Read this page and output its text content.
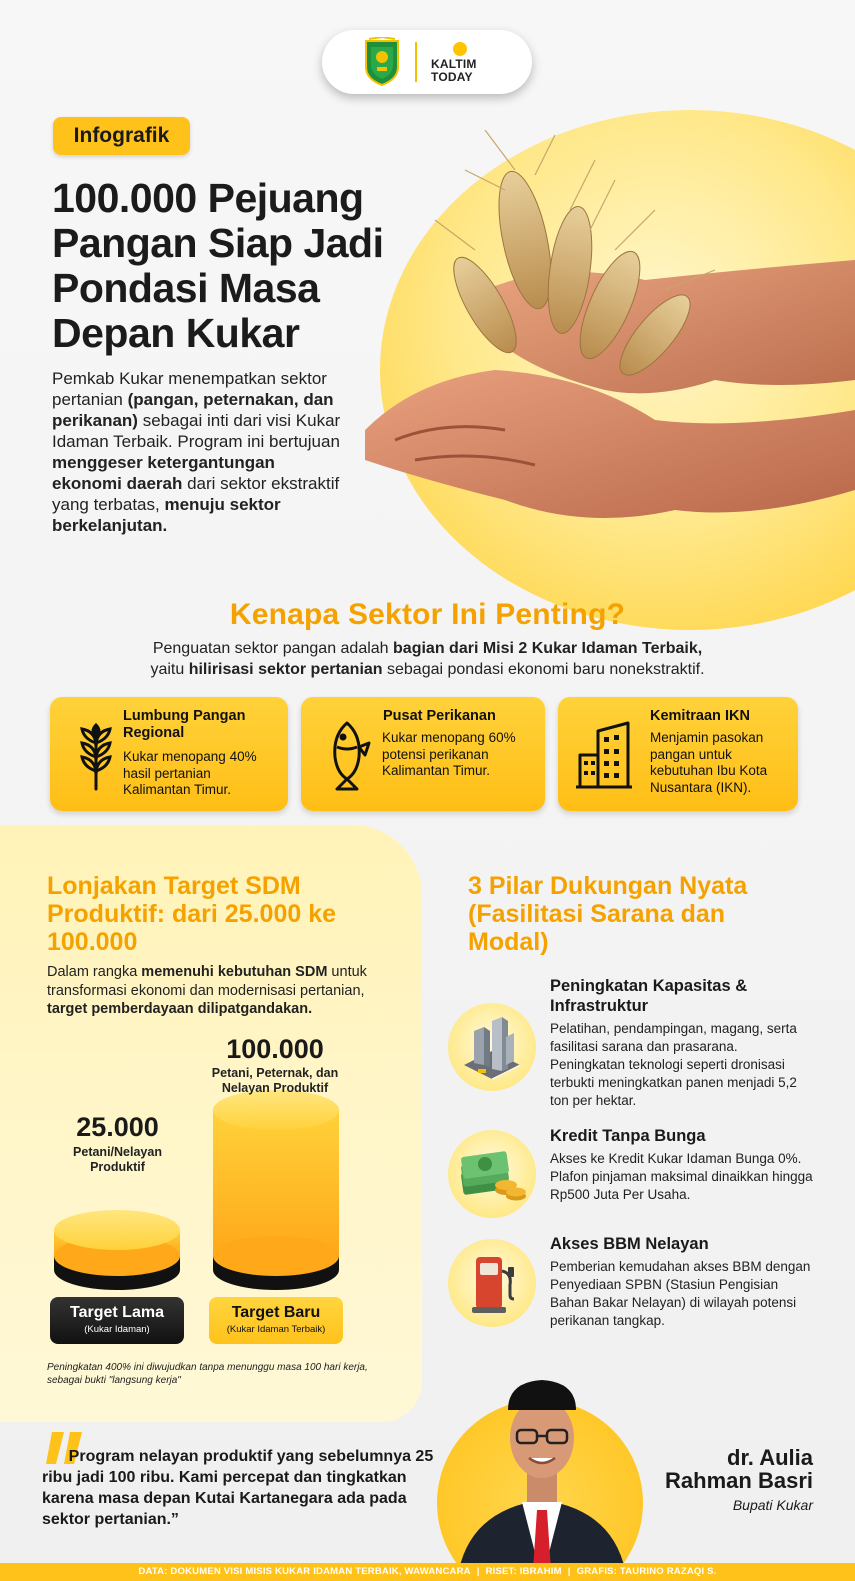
KALTIM
TODAY
Infografik
100.000 Pejuang Pangan Siap Jadi Pondasi Masa Depan Kukar

Pemkab Kukar menempatkan sektor pertanian (pangan, peternakan, dan perikanan) sebagai inti dari visi Kukar Idaman Terbaik. Program ini bertujuan menggeser ketergantungan ekonomi daerah dari sektor ekstraktif yang terbatas, menuju sektor berkelanjutan.

Kenapa Sektor Ini Penting?

Penguatan sektor pangan adalah bagian dari Misi 2 Kukar Idaman Terbaik,
yaitu hilirisasi sektor pertanian sebagai pondasi ekonomi baru nonekstraktif.

Lumbung Pangan Regional
Kukar menopang 40% hasil pertanian Kalimantan Timur.
Pusat Perikanan
Kukar menopang 60% potensi perikanan Kalimantan Timur.
Kemitraan IKN
Menjamin pasokan pangan untuk kebutuhan Ibu Kota Nusantara (IKN).
Lonjakan Target SDM Produktif: dari 25.000 ke 100.000

Dalam rangka memenuhi kebutuhan SDM untuk transformasi ekonomi dan modernisasi pertanian, target pemberdayaan dilipatgandakan.

25.000
Petani/Nelayan Produktif
100.000
Petani, Peternak, dan Nelayan Produktif
Target Lama
(Kukar Idaman)
Target Baru
(Kukar Idaman Terbaik)

Peningkatan 400% ini diwujudkan tanpa menunggu masa 100 hari kerja, sebagai bukti "langsung kerja"

3 Pilar Dukungan Nyata (Fasilitasi Sarana dan Modal)
Peningkatan Kapasitas & Infrastruktur
Pelatihan, pendampingan, magang, serta fasilitasi sarana dan prasarana. Peningkatan teknologi seperti dronisasi terbukti meningkatkan panen menjadi 5,2 ton per hektar.
Kredit Tanpa Bunga
Akses ke Kredit Kukar Idaman Bunga 0%. Plafon pinjaman maksimal dinaikkan hingga Rp500 Juta Per Usaha.
Akses BBM Nelayan
Pemberian kemudahan akses BBM dengan Penyediaan SPBN (Stasiun Pengisian Bahan Bakar Nelayan) di wilayah potensi perikanan tangkap.

Program nelayan produktif yang sebelumnya 25 ribu jadi 100 ribu. Kami percepat dan tingkatkan karena masa depan Kutai Kartanegara ada pada sektor pertanian.”

dr. Aulia Rahman Basri
Bupati Kukar
DATA: DOKUMEN VISI MISIS KUKAR IDAMAN TERBAIK, WAWANCARA | RISET: IBRAHIM | GRAFIS: TAURINO RAZAQI S.
